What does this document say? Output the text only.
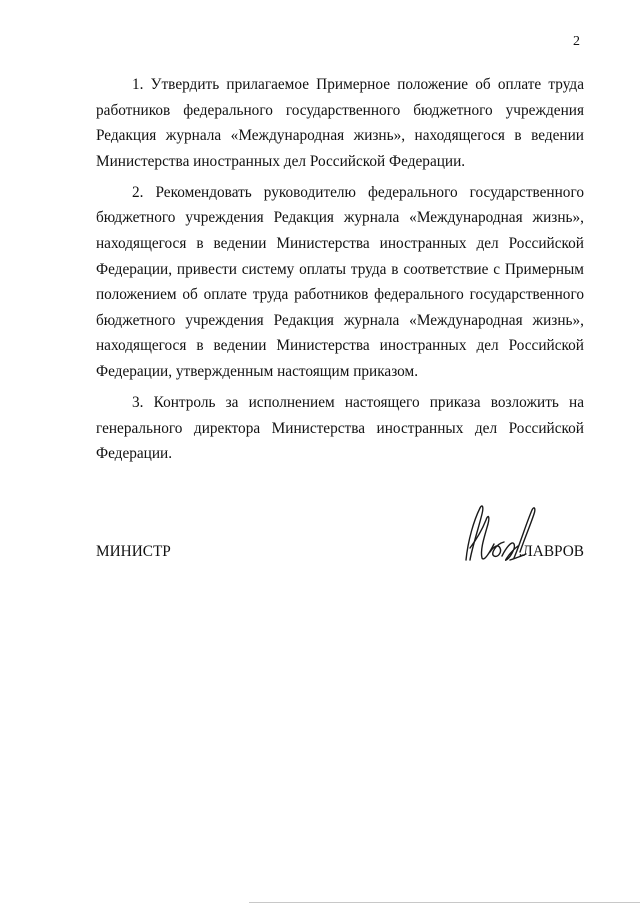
2

1. Утвердить прилагаемое Примерное положение об оплате труда работников федерального государственного бюджетного учреждения Редакция журнала «Международная жизнь», находящегося в ведении Министерства иностранных дел Российской Федерации.

2. Рекомендовать руководителю федерального государственного бюджетного учреждения Редакция журнала «Международная жизнь», находящегося в ведении Министерства иностранных дел Российской Федерации, привести систему оплаты труда в соответствие с Примерным положением об оплате труда работников федерального государственного бюджетного учреждения Редакция журнала «Международная жизнь», находящегося в ведении Министерства иностранных дел Российской Федерации, утвержденным настоящим приказом.

3. Контроль за исполнением настоящего приказа возложить на генерального директора Министерства иностранных дел Российской Федерации.

МИНИСТР	.ЛАВРОВ
